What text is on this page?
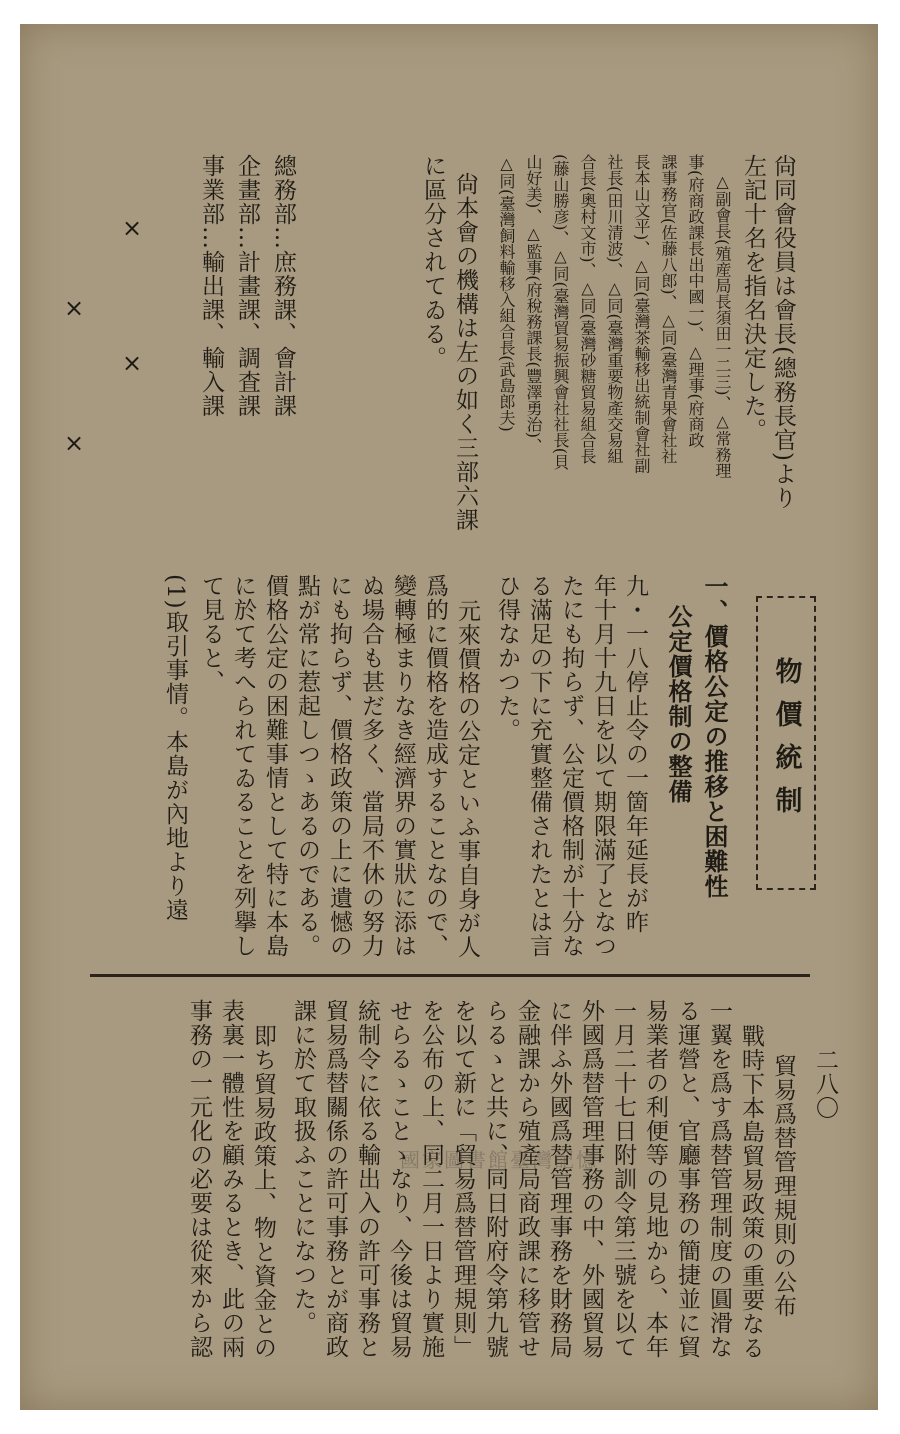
尙同會役員は會長(總務長官)より
左記十名を指名決定した。
△副會長(殖産局長須田一二三)、△常務理
事(府商政課長出中國一)、△理事(府商政
課事務官(佐藤八郎)、△同(臺灣青果會社社
長本山文平)、△同(臺灣茶輸移出統制會社副
社長(田川清波)、△同(臺灣重要物產交易組
合長(奧村文市)、△同(臺灣砂糖貿易組合長
(藤山勝彦)、△同(臺灣貿易振興會社社長(貝
山好美)、△監事(府稅務課長(豐澤勇治)、
△同(臺灣飼料輸移入組合長(武島郎夫)
尙本會の機構は左の如く三部六課
に區分されてゐる。
總務部…庶務課、會計課
企畫部…計畫課、調査課
事業部…輸出課、輸入課
×
×
×
×
物價統制
一、價格公定の推移と困難性
公定價格制の整備
九・一八停止令の一箇年延長が昨
年十月十九日を以て期限滿了となつ
たにも拘らず、公定價格制が十分な
る滿足の下に充實整備されたとは言
ひ得なかつた。
元來價格の公定といふ事自身が人
爲的に價格を造成することなので、
變轉極まりなき經濟界の實狀に添は
ぬ場合も甚だ多く、當局不休の努力
にも拘らず、價格政策の上に遺憾の
點が常に惹起しつゝあるのである。
價格公定の困難事情として特に本島
に於て考へられてゐることを列擧し
て見ると、
(1)取引事情。本島が內地より遠
二八〇
貿易爲替管理規則の公布
戰時下本島貿易政策の重要なる
一翼を爲す爲替管理制度の圓滑な
る運營と、官廳事務の簡捷並に貿
易業者の利便等の見地から、本年
一月二十七日附訓令第三號を以て
外國爲替管理事務の中、外國貿易
に伴ふ外國爲替管理事務を財務局
金融課から殖產局商政課に移管せ
らるゝと共に、同日附府令第九號
を以て新に「貿易爲替管理規則」
を公布の上、同二月一日より實施
せらるゝことゝなり、今後は貿易
統制令に依る輸出入の許可事務と
貿易爲替關係の許可事務とが商政
課に於て取扱ふことになつた。
即ち貿易政策上、物と資金との
表裏一體性を顧みるとき、此の兩
事務の一元化の必要は從來から認	國家圖書館臺灣記憶
